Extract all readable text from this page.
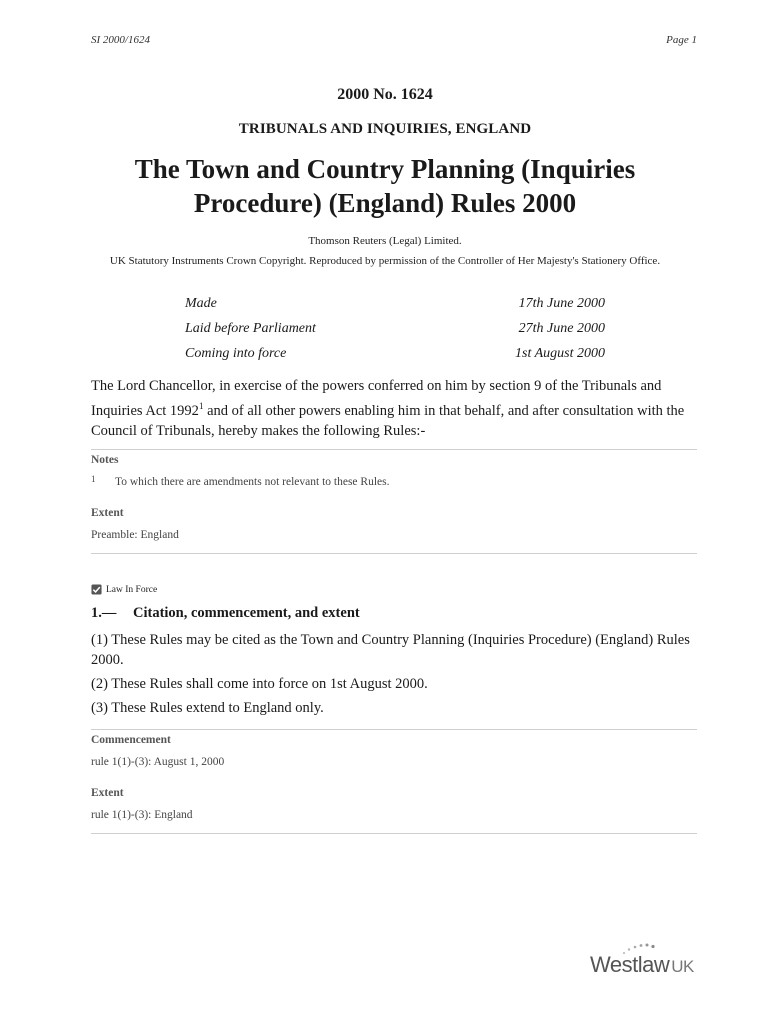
SI 2000/1624	Page 1
2000 No. 1624
TRIBUNALS AND INQUIRIES, ENGLAND
The Town and Country Planning (Inquiries
Procedure) (England) Rules 2000
Thomson Reuters (Legal) Limited.
UK Statutory Instruments Crown Copyright. Reproduced by permission of the Controller of Her Majesty's Stationery Office.
Made	17th June 2000
Laid before Parliament	27th June 2000
Coming into force	1st August 2000
The Lord Chancellor, in exercise of the powers conferred on him by section 9 of the Tribunals and Inquiries Act 1992$^1$ and of all other powers enabling him in that behalf, and after consultation with the Council of Tribunals, hereby makes the following Rules:-
Notes
1 To which there are amendments not relevant to these Rules.
Extent
Preamble: England
Law In Force
1.— Citation, commencement, and extent
(1) These Rules may be cited as the Town and Country Planning (Inquiries Procedure) (England) Rules 2000.
(2) These Rules shall come into force on 1st August 2000.
(3) These Rules extend to England only.
Commencement
rule 1(1)-(3): August 1, 2000
Extent
rule 1(1)-(3): England
Westlaw UK
